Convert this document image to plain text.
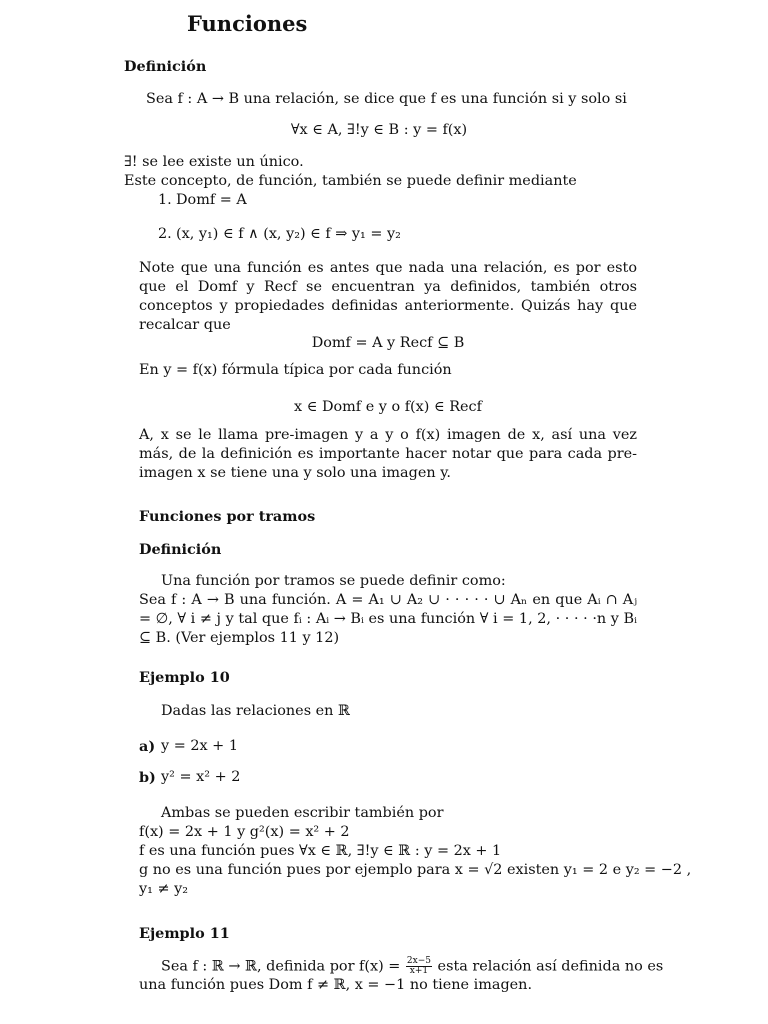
Funciones
Definición
Sea f : A → B una relación, se dice que f es una función si y solo si
∀x ∈ A, ∃!y ∈ B : y = f(x)
∃! se lee existe un único.
Este concepto, de función, también se puede definir mediante
1. Domf = A
2. (x, y₁) ∈ f ∧ (x, y₂) ∈ f ⇒ y₁ = y₂
Note que una función es antes que nada una relación, es por esto que el Domf y Recf se encuentran ya definidos, también otros conceptos y propiedades definidas anteriormente. Quizás hay que recalcar que
Domf = A y Recf ⊆ B
En y = f(x) fórmula típica por cada función
x ∈ Domf e y o f(x) ∈ Recf
A, x se le llama pre-imagen y a y o f(x) imagen de x, así una vez más, de la definición es importante hacer notar que para cada pre-imagen x se tiene una y solo una imagen y.
Funciones por tramos
Definición
Una función por tramos se puede definir como:
Sea f : A → B una función. A = A₁ ∪ A₂ ∪ · · · · · ∪ Aₙ en que Aᵢ ∩ Aⱼ = ∅, ∀ i ≠ j y tal que fᵢ : Aᵢ → Bᵢ es una función ∀ i = 1, 2, · · · · ·n y Bᵢ ⊆ B. (Ver ejemplos 11 y 12)
Ejemplo 10
Dadas las relaciones en ℝ
a) y = 2x + 1
b) y² = x² + 2
Ambas se pueden escribir también por
f(x) = 2x + 1 y g²(x) = x² + 2
f es una función pues ∀x ∈ ℝ, ∃!y ∈ ℝ : y = 2x + 1
g no es una función pues por ejemplo para x = √2 existen y₁ = 2 e y₂ = −2 ,
y₁ ≠ y₂
Ejemplo 11
Sea f : ℝ → ℝ, definida por $f(x) = \frac{2x-5}{x+1}$ esta relación así definida no es
una función pues Dom f ≠ ℝ, x = −1 no tiene imagen.
